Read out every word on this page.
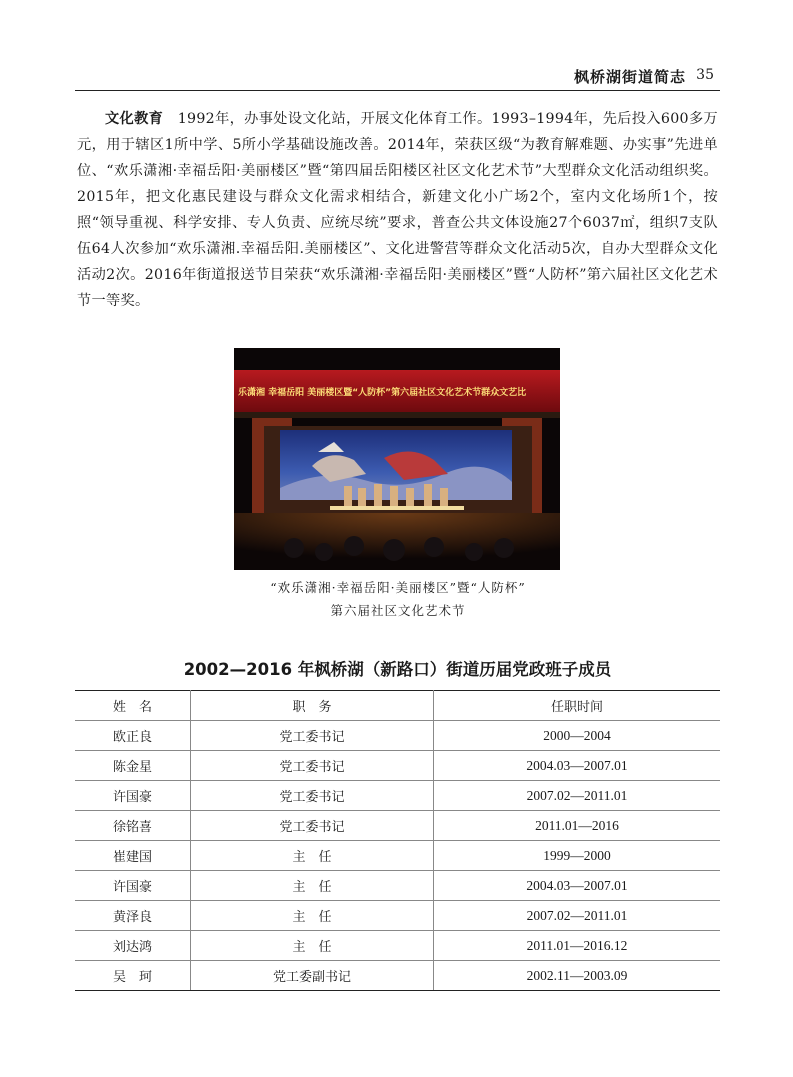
枫桥湖街道简志 35
文化教育  1992年，办事处设文化站，开展文化体育工作。1993–1994年，先后投入600多万元，用于辖区1所中学、5所小学基础设施改善。2014年，荣获区级“为教育解难题、办实事”先进单位、“欢乐潇湘·幸福岳阳·美丽楼区”暨“第四届岳阳楼区社区文化艺术节”大型群众文化活动组织奖。2015年，把文化惠民建设与群众文化需求相结合，新建文化小广场2个，室内文化场所1个，按照“领导重视、科学安排、专人负责、应统尽统”要求，普查公共文体设施27个6037㎡，组织7支队伍64人次参加“欢乐潇湘.幸福岳阳.美丽楼区”、文化进警营等群众文化活动5次，自办大型群众文化活动2次。2016年街道报送节目荣获“欢乐潇湘·幸福岳阳·美丽楼区”暨“人防杯”第六届社区文化艺术节一等奖。
乐潇湘 幸福岳阳 美丽楼区暨“人防杯”第六届社区文化艺术节群众文艺比
“欢乐潇湘·幸福岳阳·美丽楼区”暨“人防杯”
第六届社区文化艺术节
2002—2016 年枫桥湖（新路口）街道历届党政班子成员
姓　名	职　务	任职时间
欧正良	党工委书记	2000—2004
陈金星	党工委书记	2004.03—2007.01
许国豪	党工委书记	2007.02—2011.01
徐铭喜	党工委书记	2011.01—2016
崔建国	主　任	1999—2000
许国豪	主　任	2004.03—2007.01
黄泽良	主　任	2007.02—2011.01
刘达鸿	主　任	2011.01—2016.12
吴　珂	党工委副书记	2002.11—2003.09
